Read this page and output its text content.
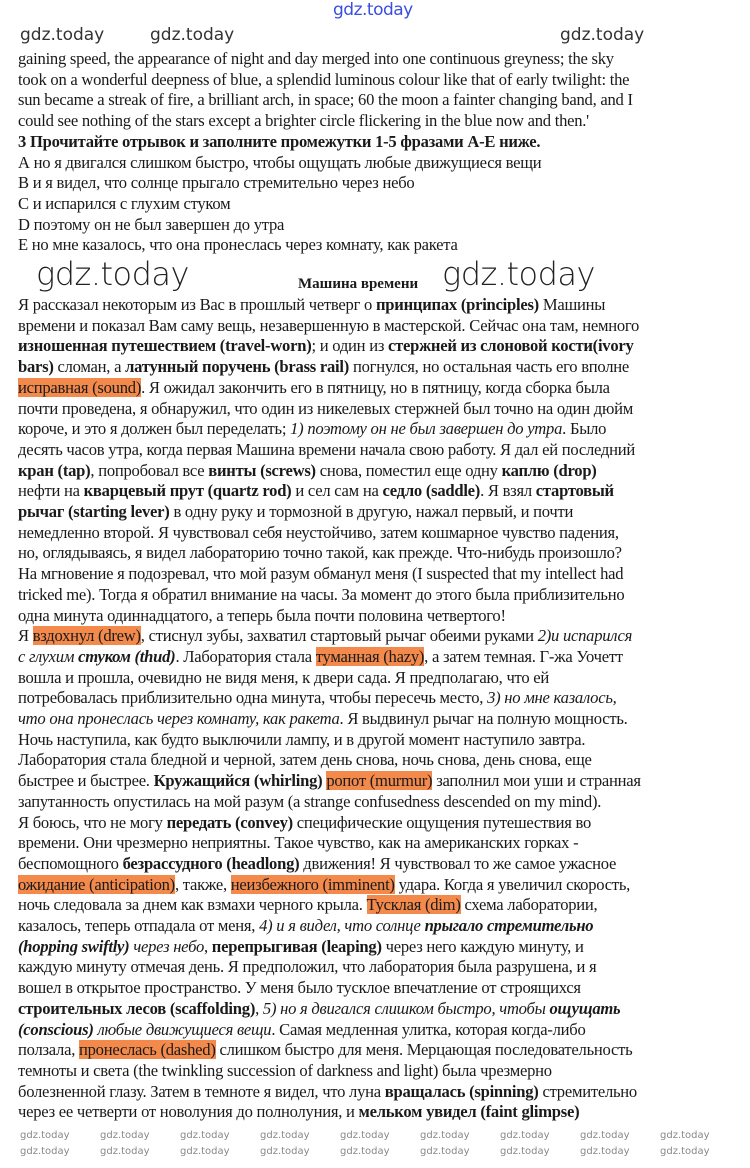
gdz.today
gaining speed, the appearance of night and day merged into one continuous greyness; the sky
took on a wonderful deepness of blue, a splendid luminous colour like that of early twilight: the
sun became a streak of fire, a brilliant arch, in space; 60 the moon a fainter changing band, and I
could see nothing of the stars except a brighter circle flickering in the blue now and then.'
3 Прочитайте отрывок и заполните промежутки 1-5 фразами А-Е ниже.
А но я двигался слишком быстро, чтобы ощущать любые движущиеся вещи
В и я видел, что солнце прыгало стремительно через небо
С и испарился с глухим стуком
D поэтому он не был завершен до утра
Е но мне казалось, что она пронеслась через комнату, как ракета
gdz.today	Машина времени gdz.today
Я рассказал некоторым из Вас в прошлый четверг о принципах (principles) Машины
времени и показал Вам саму вещь, незавершенную в мастерской. Сейчас она там, немного
изношенная путешествием (travel-worn); и один из стержней из слоновой кости(ivory
bars) сломан, а латунный поручень (brass rail) погнулся, но остальная часть его вполне
исправная (sound). Я ожидал закончить его в пятницу, но в пятницу, когда сборка была
почти проведена, я обнаружил, что один из никелевых стержней был точно на один дюйм
короче, и это я должен был переделать; 1) поэтому он не был завершен до утра. Было
десять часов утра, когда первая Машина времени начала свою работу. Я дал ей последний
кран (tap), попробовал все винты (screws) снова, поместил еще одну каплю (drop)
нефти на кварцевый прут (quartz rod) и сел сам на седло (saddle). Я взял стартовый
рычаг (starting lever) в одну руку и тормозной в другую, нажал первый, и почти
немедленно второй. Я чувствовал себя неустойчиво, затем кошмарное чувство падения,
но, оглядываясь, я видел лабораторию точно такой, как прежде. Что-нибудь произошло?
На мгновение я подозревал, что мой разум обманул меня (I suspected that my intellect had
tricked me). Тогда я обратил внимание на часы. За момент до этого была приблизительно
одна минута одиннадцатого, а теперь была почти половина четвертого!
Я вздохнул (drew), стиснул зубы, захватил стартовый рычаг обеими руками 2)и испарился
с глухим стуком (thud). Лаборатория стала туманная (hazy), а затем темная. Г-жа Уочетт
вошла и прошла, очевидно не видя меня, к двери сада. Я предполагаю, что ей
потребовалась приблизительно одна минута, чтобы пересечь место, 3) но мне казалось,
что она пронеслась через комнату, как ракета. Я выдвинул рычаг на полную мощность.
Ночь наступила, как будто выключили лампу, и в другой момент наступило завтра.
Лаборатория стала бледной и черной, затем день снова, ночь снова, день снова, еще
быстрее и быстрее. Кружащийся (whirling) ропот (murmur) заполнил мои уши и странная
запутанность опустилась на мой разум (a strange confusedness descended on my mind).
Я боюсь, что не могу передать (convey) специфические ощущения путешествия во
времени. Они чрезмерно неприятны. Такое чувство, как на американских горках -
беспомощного безрассудного (headlong) движения! Я чувствовал то же самое ужасное
ожидание (anticipation), также, неизбежного (imminent) удара. Когда я увеличил скорость,
ночь следовала за днем как взмахи черного крыла. Тусклая (dim) схема лаборатории,
казалось, теперь отпадала от меня, 4) и я видел, что солнце прыгало стремительно
(hopping swiftly) через небо, перепрыгивая (leaping) через него каждую минуту, и
каждую минуту отмечая день. Я предположил, что лаборатория была разрушена, и я
вошел в открытое пространство. У меня было тусклое впечатление от строящихся
строительных лесов (scaffolding), 5) но я двигался слишком быстро, чтобы ощущать
(conscious) любые движущиеся вещи. Самая медленная улитка, которая когда-либо
ползала, пронеслась (dashed) слишком быстро для меня. Мерцающая последовательность
темноты и света (the twinkling succession of darkness and light) была чрезмерно
болезненной глазу. Затем в темноте я видел, что луна вращалась (spinning) стремительно
через ее четверти от новолуния до полнолуния, и мельком увидел (faint glimpse)
gdz.today	gdz.today	gdz.today
gdz.today	gdz.today	gdz.today	gdz.today	gdz.today	gdz.today	gdz.today	gdz.today	gdz.today
gdz.today	gdz.today	gdz.today	gdz.today	gdz.today	gdz.today	gdz.today	gdz.today	gdz.today
